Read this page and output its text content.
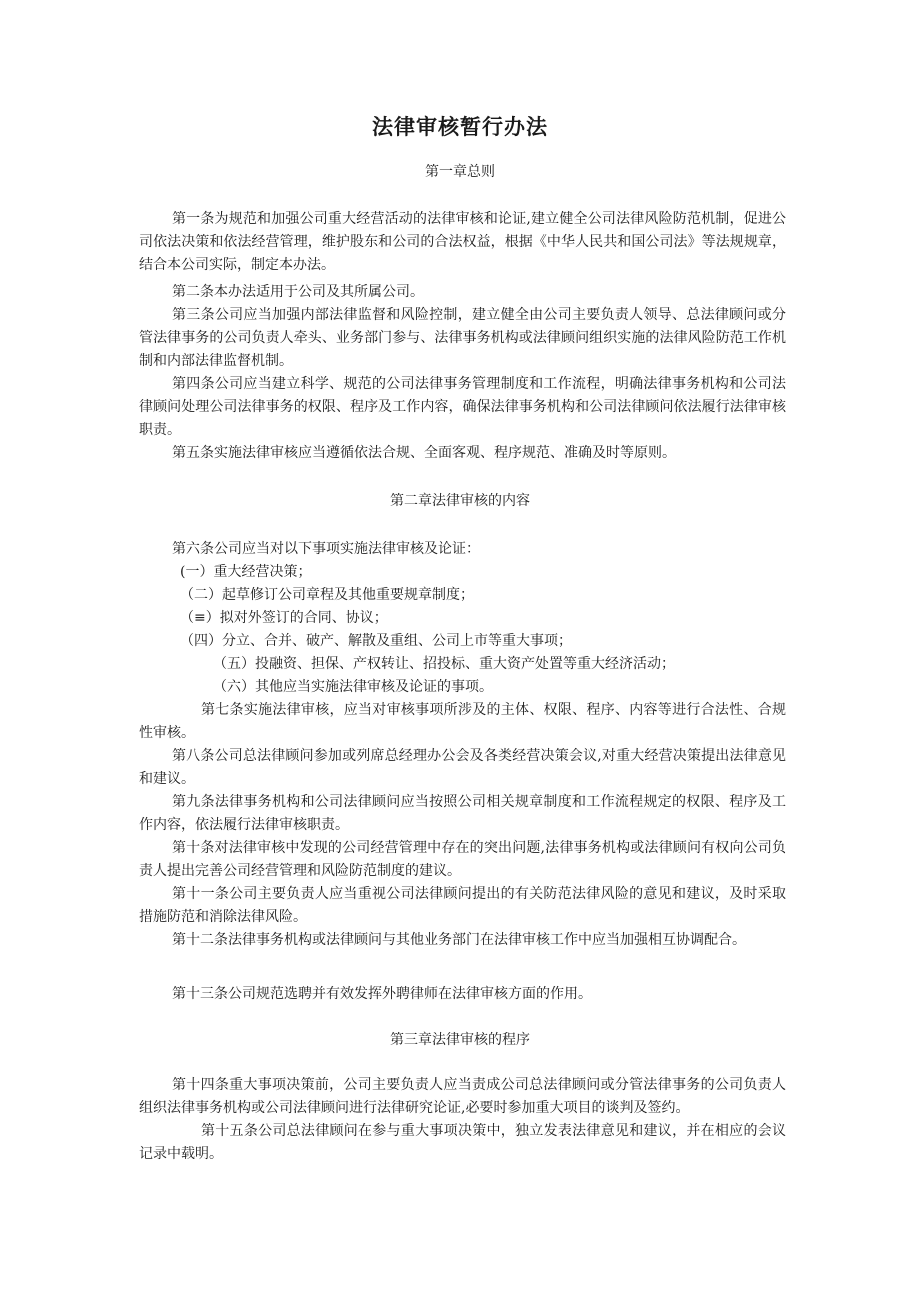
法律审核暂行办法
第一章总则

第一条为规范和加强公司重大经营活动的法律审核和论证,建立健全公司法律风险防范机制，促进公司依法决策和依法经营管理，维护股东和公司的合法权益，根据《中华人民共和国公司法》等法规规章，结合本公司实际，制定本办法。

第二条本办法适用于公司及其所属公司。

第三条公司应当加强内部法律监督和风险控制，建立健全由公司主要负责人领导、总法律顾问或分管法律事务的公司负责人牵头、业务部门参与、法律事务机构或法律顾问组织实施的法律风险防范工作机制和内部法律监督机制。

第四条公司应当建立科学、规范的公司法律事务管理制度和工作流程，明确法律事务机构和公司法律顾问处理公司法律事务的权限、程序及工作内容，确保法律事务机构和公司法律顾问依法履行法律审核职责。

第五条实施法律审核应当遵循依法合规、全面客观、程序规范、准确及时等原则。

第二章法律审核的内容
第六条公司应当对以下事项实施法律审核及论证：
(一）重大经营决策；
（二）起草修订公司章程及其他重要规章制度；
（≡）拟对外签订的合同、协议；
（四）分立、合并、破产、解散及重组、公司上市等重大事项；
（五）投融资、担保、产权转让、招投标、重大资产处置等重大经济活动；
（六）其他应当实施法律审核及论证的事项。

第七条实施法律审核，应当对审核事项所涉及的主体、权限、程序、内容等进行合法性、合规性审核。

第八条公司总法律顾问参加或列席总经理办公会及各类经营决策会议,对重大经营决策提出法律意见和建议。

第九条法律事务机构和公司法律顾问应当按照公司相关规章制度和工作流程规定的权限、程序及工作内容，依法履行法律审核职责。

第十条对法律审核中发现的公司经营管理中存在的突出问题,法律事务机构或法律顾问有权向公司负责人提出完善公司经营管理和风险防范制度的建议。

第十一条公司主要负责人应当重视公司法律顾问提出的有关防范法律风险的意见和建议，及时采取措施防范和消除法律风险。

第十二条法律事务机构或法律顾问与其他业务部门在法律审核工作中应当加强相互协调配合。

第十三条公司规范选聘并有效发挥外聘律师在法律审核方面的作用。

第三章法律审核的程序

第十四条重大事项决策前，公司主要负责人应当责成公司总法律顾问或分管法律事务的公司负责人组织法律事务机构或公司法律顾问进行法律研究论证,必要时参加重大项目的谈判及签约。

第十五条公司总法律顾问在参与重大事项决策中，独立发表法律意见和建议，并在相应的会议记录中载明。
